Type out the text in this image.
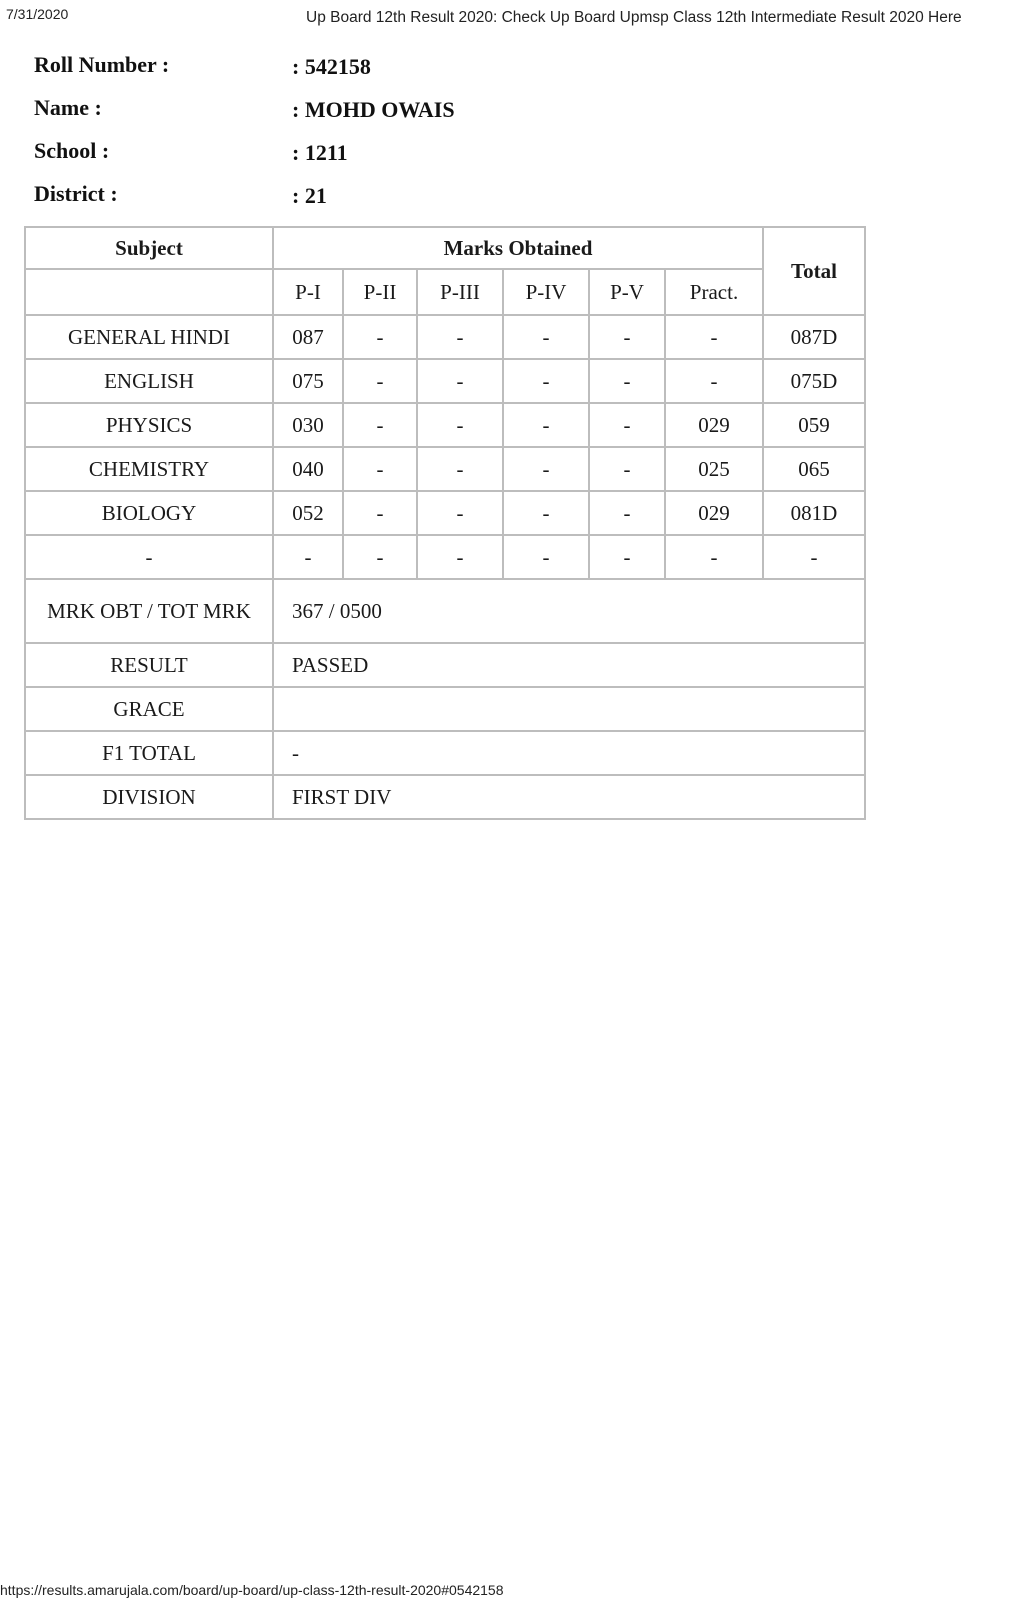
7/31/2020	Up Board 12th Result 2020: Check Up Board Upmsp Class 12th Intermediate Result 2020 Here
Roll Number :	: 542158
Name :	: MOHD OWAIS
School :	: 1211
District :	: 21
Subject	Marks Obtained						Total
	P-I	P-II	P-III	P-IV	P-V	Pract.	
GENERAL HINDI	087	-	-	-	-	-	087D
ENGLISH	075	-	-	-	-	-	075D
PHYSICS	030	-	-	-	-	029	059
CHEMISTRY	040	-	-	-	-	025	065
BIOLOGY	052	-	-	-	-	029	081D
-	-	-	-	-	-	-	-
MRK OBT / TOT MRK	367 / 0500						
RESULT	PASSED						
GRACE							
F1 TOTAL	-						
DIVISION	FIRST DIV						
https://results.amarujala.com/board/up-board/up-class-12th-result-2020#0542158
